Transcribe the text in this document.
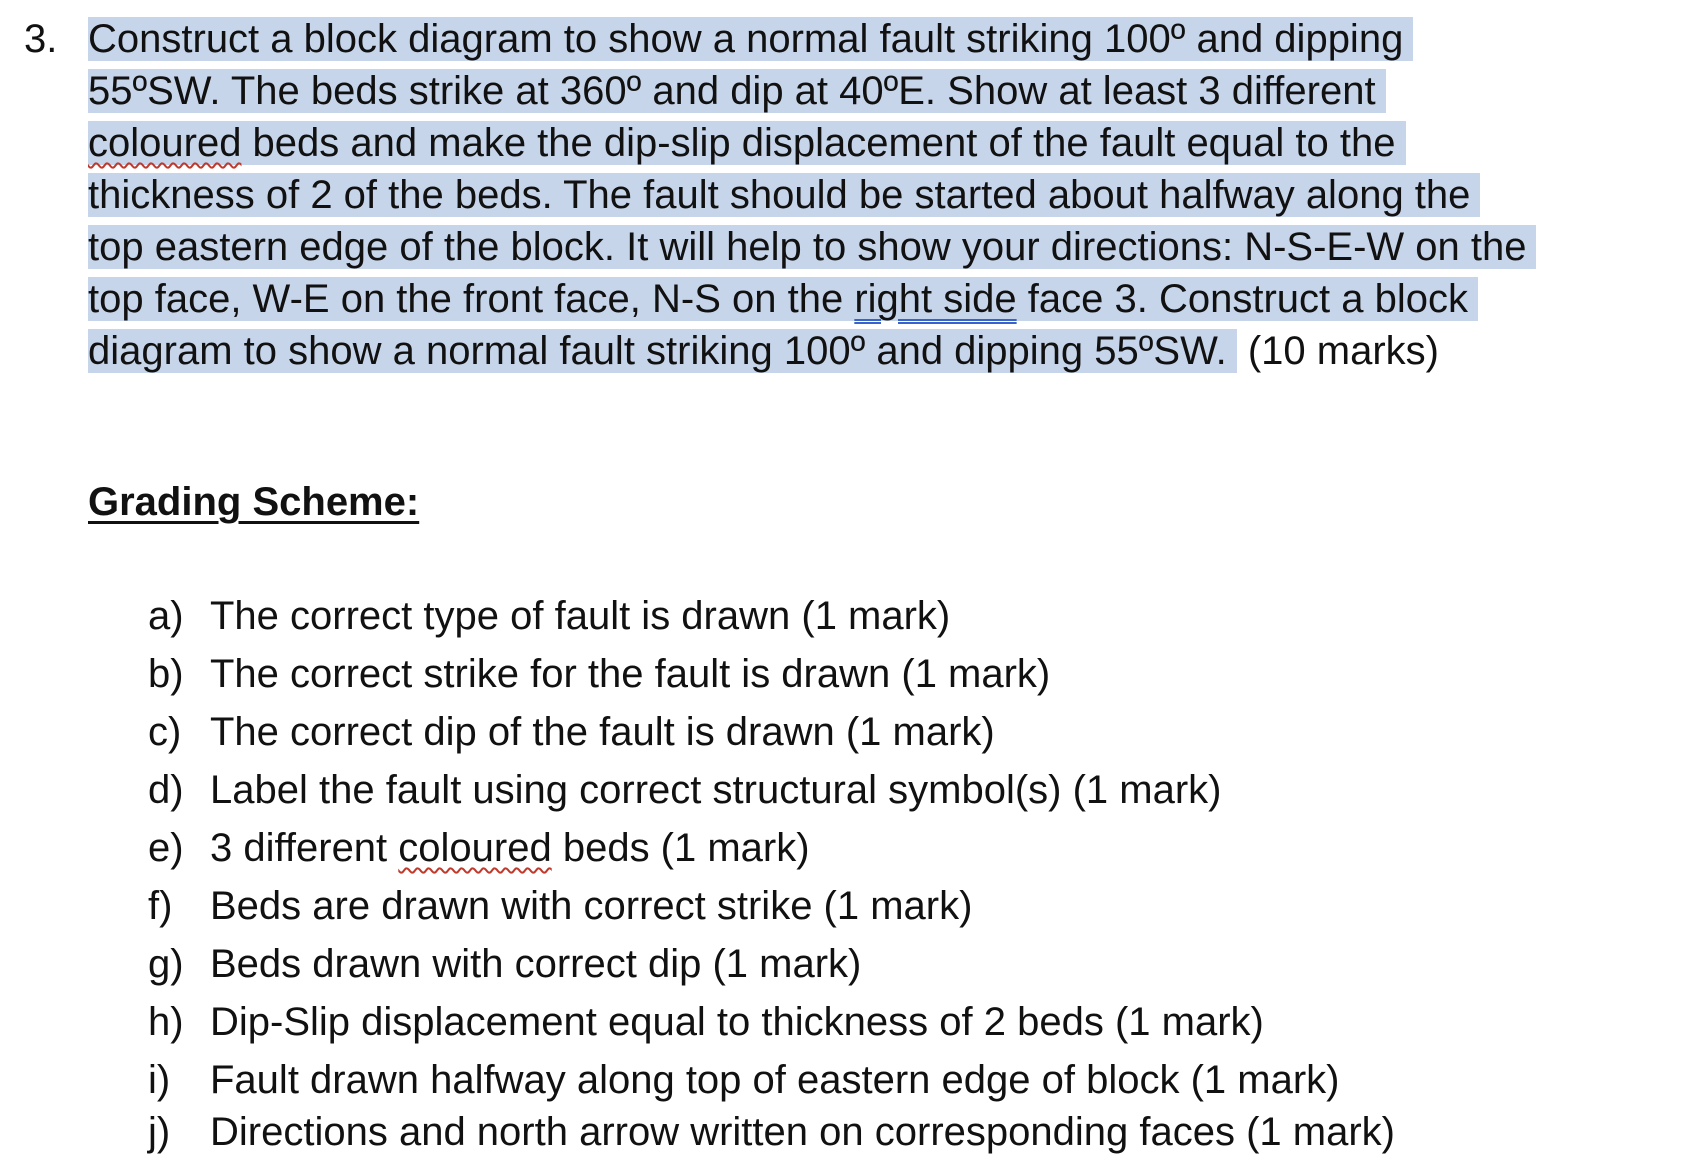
3. Construct a block diagram to show a normal fault striking 100º and dipping
55ºSW. The beds strike at 360º and dip at 40ºE. Show at least 3 different
coloured beds and make the dip-slip displacement of the fault equal to the
thickness of 2 of the beds. The fault should be started about halfway along the
top eastern edge of the block. It will help to show your directions: N-S-E-W on the
top face, W-E on the front face, N-S on the right side face 3. Construct a block
diagram to show a normal fault striking 100º and dipping 55ºSW. (10 marks)
Grading Scheme:
a) The correct type of fault is drawn (1 mark)
b) The correct strike for the fault is drawn (1 mark)
c) The correct dip of the fault is drawn (1 mark)
d) Label the fault using correct structural symbol(s) (1 mark)
e) 3 different coloured beds (1 mark)
f) Beds are drawn with correct strike (1 mark)
g) Beds drawn with correct dip (1 mark)
h) Dip-Slip displacement equal to thickness of 2 beds (1 mark)
i) Fault drawn halfway along top of eastern edge of block (1 mark)
j) Directions and north arrow written on corresponding faces (1 mark)
